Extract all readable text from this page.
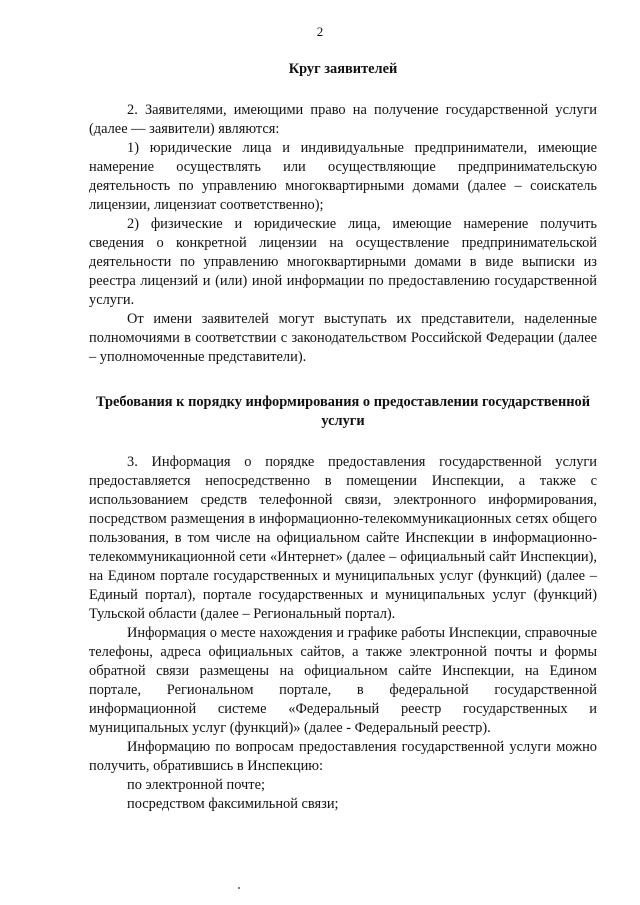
2

Круг заявителей

2. Заявителями, имеющими право на получение государственной услуги (далее — заявители) являются:

1) юридические лица и индивидуальные предприниматели, имеющие намерение осуществлять или осуществляющие предпринимательскую деятельность по управлению многоквартирными домами (далее – соискатель лицензии, лицензиат соответственно);

2) физические и юридические лица, имеющие намерение получить сведения о конкретной лицензии на осуществление предпринимательской деятельности по управлению многоквартирными домами в виде выписки из реестра лицензий и (или) иной информации по предоставлению государственной услуги.

От имени заявителей могут выступать их представители, наделенные полномочиями в соответствии с законодательством Российской Федерации (далее – уполномоченные представители).

Требования к порядку информирования о предоставлении государственной услуги

3. Информация о порядке предоставления государственной услуги предоставляется непосредственно в помещении Инспекции, а также с использованием средств телефонной связи, электронного информирования, посредством размещения в информационно-телекоммуникационных сетях общего пользования, в том числе на официальном сайте Инспекции в информационно-телекоммуникационной сети «Интернет» (далее – официальный сайт Инспекции), на Едином портале государственных и муниципальных услуг (функций) (далее – Единый портал), портале государственных и муниципальных услуг (функций) Тульской области (далее – Региональный портал).

Информация о месте нахождения и графике работы Инспекции, справочные телефоны, адреса официальных сайтов, а также электронной почты и формы обратной связи размещены на официальном сайте Инспекции, на Едином портале, Региональном портале, в федеральной государственной информационной системе «Федеральный реестр государственных и муниципальных услуг (функций)» (далее - Федеральный реестр).

Информацию по вопросам предоставления государственной услуги можно получить, обратившись в Инспекцию:

по электронной почте;

посредством факсимильной связи;
